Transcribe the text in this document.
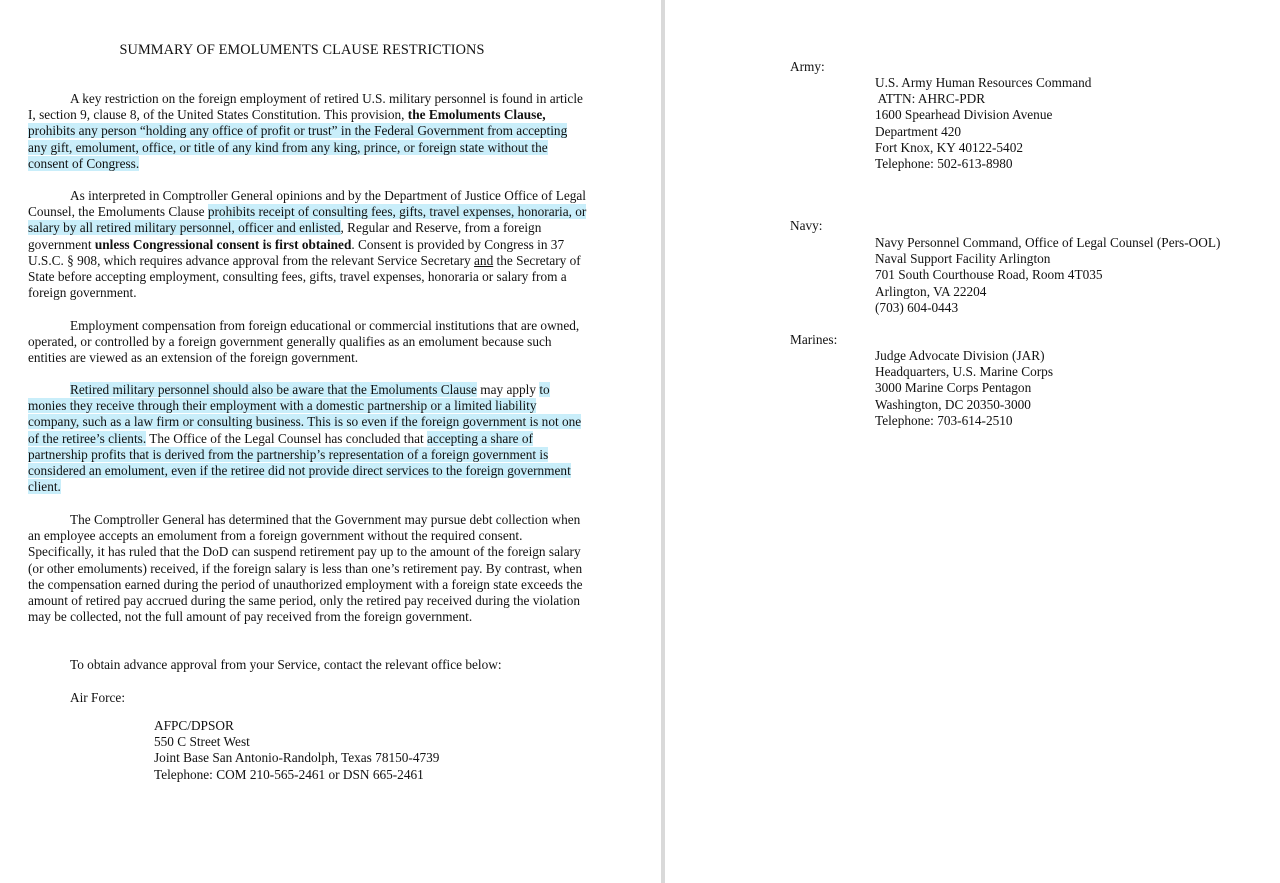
SUMMARY OF EMOLUMENTS CLAUSE RESTRICTIONS
A key restriction on the foreign employment of retired U.S. military personnel is found in article I, section 9, clause 8, of the United States Constitution. This provision, the Emoluments Clause, prohibits any person “holding any office of profit or trust” in the Federal Government from accepting any gift, emolument, office, or title of any kind from any king, prince, or foreign state without the consent of Congress.
As interpreted in Comptroller General opinions and by the Department of Justice Office of Legal Counsel, the Emoluments Clause prohibits receipt of consulting fees, gifts, travel expenses, honoraria, or salary by all retired military personnel, officer and enlisted, Regular and Reserve, from a foreign government unless Congressional consent is first obtained. Consent is provided by Congress in 37 U.S.C. § 908, which requires advance approval from the relevant Service Secretary and the Secretary of State before accepting employment, consulting fees, gifts, travel expenses, honoraria or salary from a foreign government.
Employment compensation from foreign educational or commercial institutions that are owned, operated, or controlled by a foreign government generally qualifies as an emolument because such entities are viewed as an extension of the foreign government.
Retired military personnel should also be aware that the Emoluments Clause may apply to monies they receive through their employment with a domestic partnership or a limited liability company, such as a law firm or consulting business. This is so even if the foreign government is not one of the retiree’s clients. The Office of the Legal Counsel has concluded that accepting a share of partnership profits that is derived from the partnership’s representation of a foreign government is considered an emolument, even if the retiree did not provide direct services to the foreign government client.
The Comptroller General has determined that the Government may pursue debt collection when an employee accepts an emolument from a foreign government without the required consent. Specifically, it has ruled that the DoD can suspend retirement pay up to the amount of the foreign salary (or other emoluments) received, if the foreign salary is less than one’s retirement pay. By contrast, when the compensation earned during the period of unauthorized employment with a foreign state exceeds the amount of retired pay accrued during the same period, only the retired pay received during the violation may be collected, not the full amount of pay received from the foreign government.
To obtain advance approval from your Service, contact the relevant office below:
Air Force:
AFPC/DPSOR
550 C Street West
Joint Base San Antonio-Randolph, Texas 78150-4739
Telephone: COM 210-565-2461 or DSN 665-2461
Army:
U.S. Army Human Resources Command
ATTN: AHRC-PDR
1600 Spearhead Division Avenue
Department 420
Fort Knox, KY 40122-5402
Telephone: 502-613-8980
Navy:
Navy Personnel Command, Office of Legal Counsel (Pers-OOL)
Naval Support Facility Arlington
701 South Courthouse Road, Room 4T035
Arlington, VA 22204
(703) 604-0443
Marines:
Judge Advocate Division (JAR)
Headquarters, U.S. Marine Corps
3000 Marine Corps Pentagon
Washington, DC 20350-3000
Telephone: 703-614-2510
